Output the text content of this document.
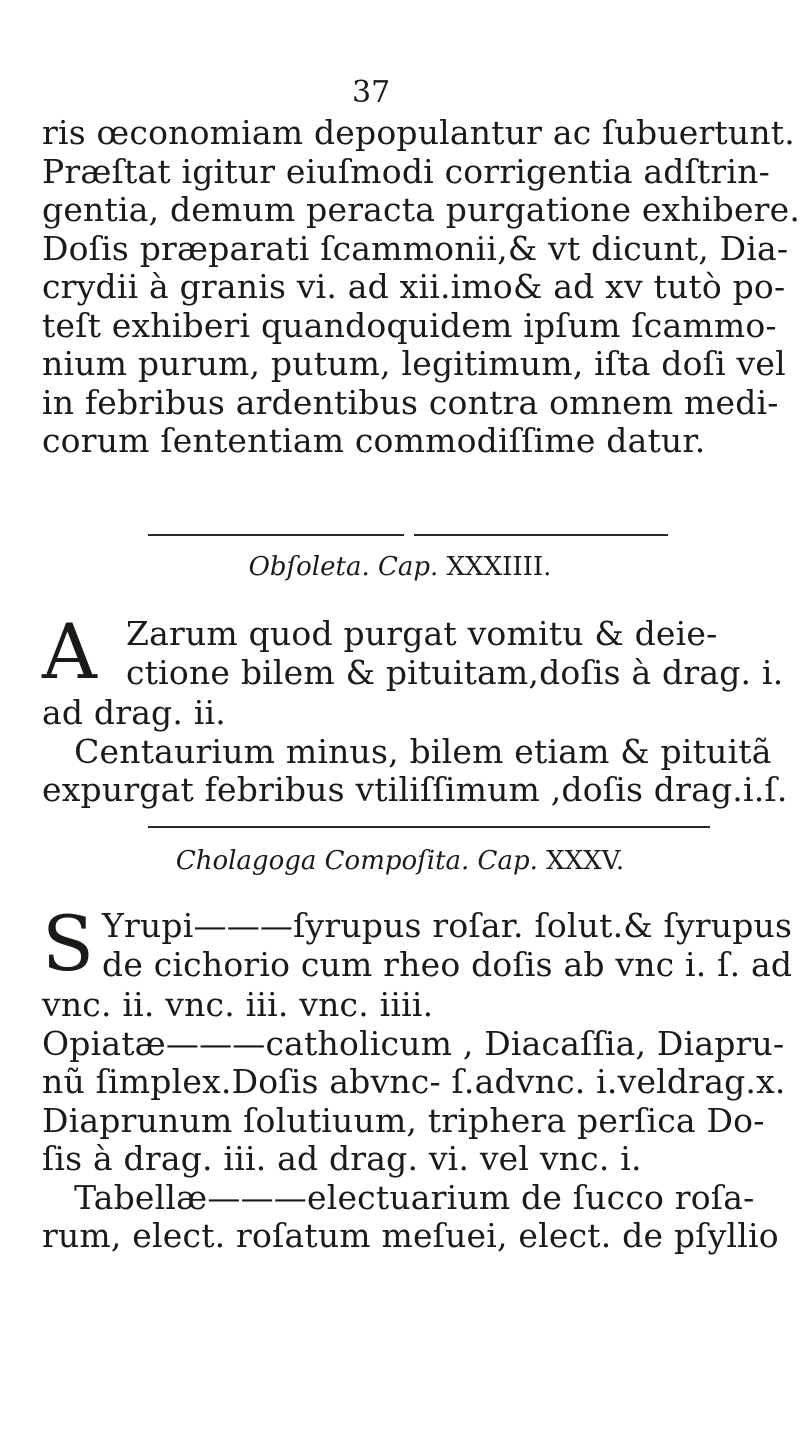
37
ris œconomiam depopulantur ac ſubuertunt.
Præſtat igitur eiuſmodi corrigentia adſtrin-
gentia, demum peracta purgatione exhibere.
Doſis præparati ſcammonii,& vt dicunt, Dia-
crydii à granis vi. ad xii.imo& ad xv tutò po-
teſt exhiberi quandoquidem ipſum ſcammo-
nium purum, putum, legitimum, iſta doſi vel
in febribus ardentibus contra omnem medi-
corum ſententiam commodiſſime datur.
Obſoleta. Cap. XXXIIII.
A Zarum quod purgat vomitu & deie-
ctione bilem & pituitam,doſis à drag. i.
ad drag. ii.
Centaurium minus, bilem etiam & pituitã
expurgat febribus vtiliſſimum ,doſis drag.i.ſ.
Cholagoga Compoſita. Cap. XXXV.
S Yrupi———ſyrupus roſar. ſolut.& ſyrupus
de cichorio cum rheo doſis ab vnc i. ſ. ad
vnc. ii. vnc. iii. vnc. iiii.
Opiatæ———catholicum , Diacaſſia, Diapru-
nũ ſimplex.Doſis abvnc- ſ.advnc. i.veldrag.x.
Diaprunum ſolutiuum, triphera perſica Do-
ſis à drag. iii. ad drag. vi. vel vnc. i.
Tabellæ———electuarium de ſucco roſa-
rum, elect. roſatum meſuei, elect. de pſyllio
